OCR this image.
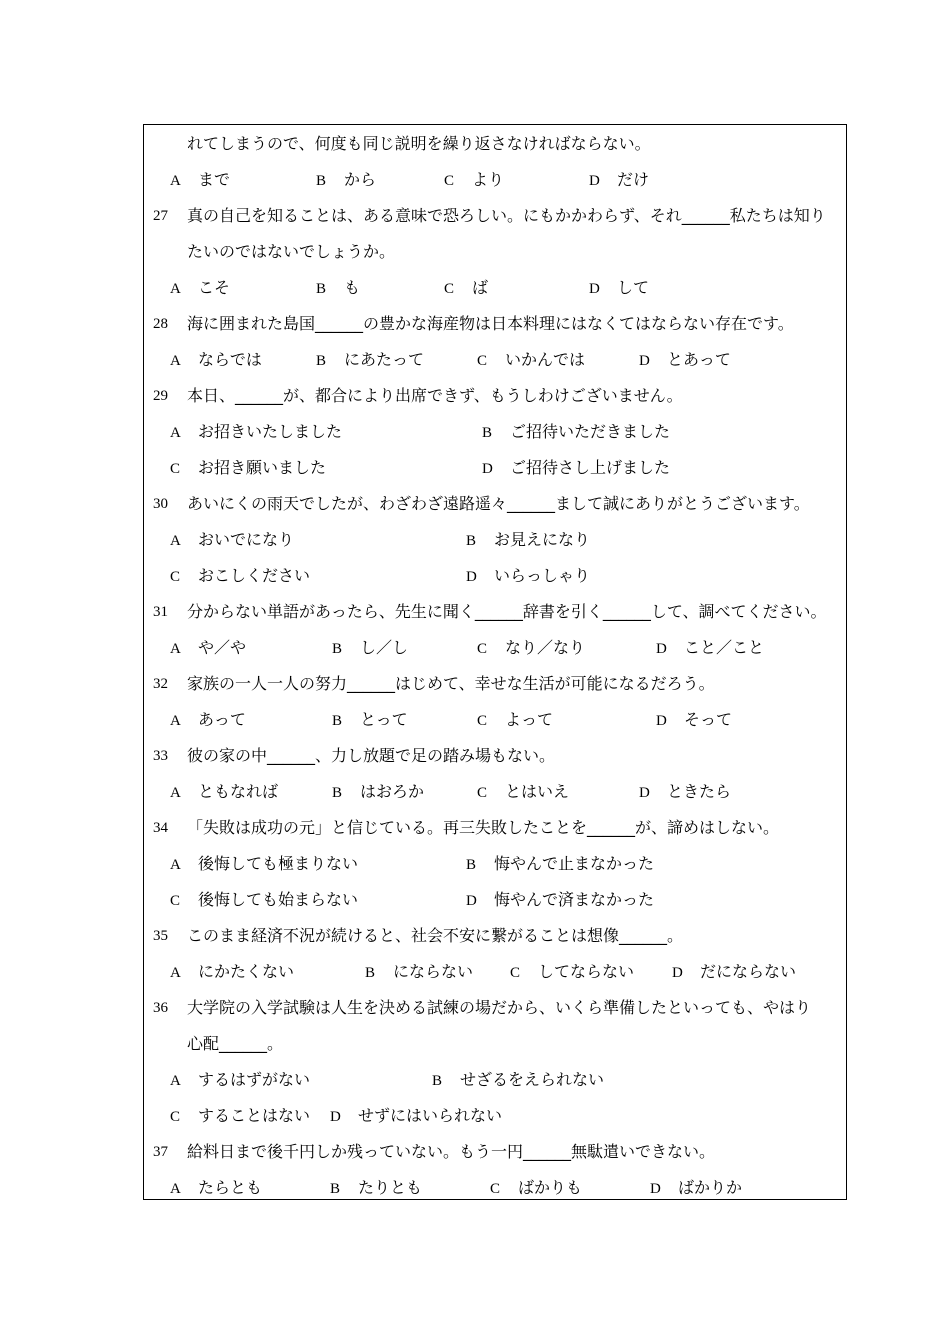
れてしまうので、何度も同じ説明を繰り返さなければならない。
A まで	B から	C より	D だけ
27	真の自己を知ることは、ある意味で恐ろしい。にもかかわらず、それ______私たちは知り
たいのではないでしょうか。
A こそ	B も	C ば	D して
28	海に囲まれた島国______の豊かな海産物は日本料理にはなくてはならない存在です。
A ならでは	B にあたって	C いかんでは	D とあって
29	本日、______が、都合により出席できず、もうしわけございません。
A お招きいたしました	B ご招待いただきました
C お招き願いました	D ご招待さし上げました
30	あいにくの雨天でしたが、わざわざ遠路遥々______まして誠にありがとうございます。
A おいでになり	B お見えになり
C おこしください	D いらっしゃり
31	分からない単語があったら、先生に聞く______辞書を引く______して、調べてください。
A や／や	B し／し	C なり／なり	D こと／こと
32	家族の一人一人の努力______はじめて、幸せな生活が可能になるだろう。
A あって	B とって	C よって	D そって
33	彼の家の中______、力し放題で足の踏み場もない。
A ともなれば	B はおろか	C とはいえ	D ときたら
34	「失敗は成功の元」と信じている。再三失敗したことを______が、諦めはしない。
A 後悔しても極まりない	B 悔やんで止まなかった
C 後悔しても始まらない	D 悔やんで済まなかった
35	このまま経済不況が続けると、社会不安に繋がることは想像______。
A にかたくない	B にならない C してならない	D だにならない
36	大学院の入学試験は人生を決める試練の場だから、いくら準備したといっても、やはり
心配______。
A するはずがない	B せざるをえられない
C することはない D せずにはいられない
37	給料日まで後千円しか残っていない。もう一円______無駄遣いできない。
A たらとも	B たりとも	C ばかりも	D ばかりか
